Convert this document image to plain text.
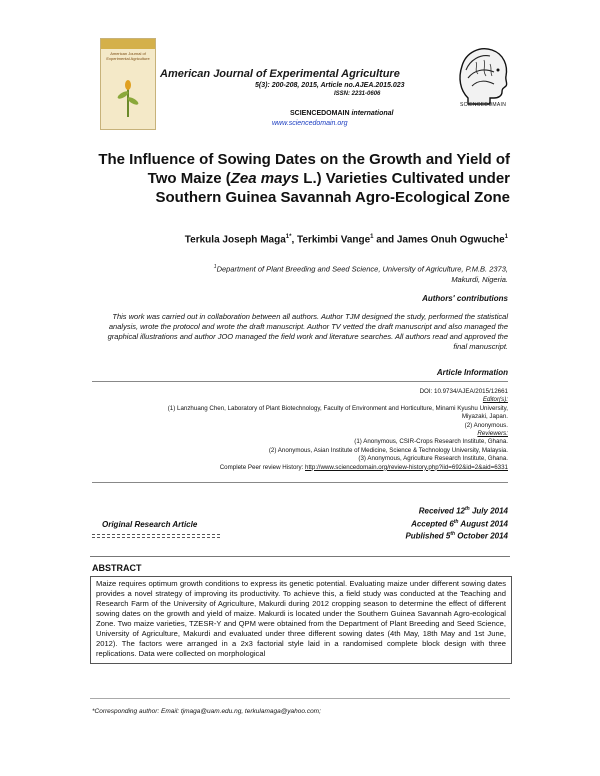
American Journal of Experimental Agriculture
American Journal of Experimental Agriculture
5(3): 200-208, 2015, Article no.AJEA.2015.023
ISSN: 2231-0606
SCIENCEDOMAIN international
www.sciencedomain.org
SCIENCEDOMAIN
The Influence of Sowing Dates on the Growth and Yield of Two Maize (Zea mays L.) Varieties Cultivated under Southern Guinea Savannah Agro-Ecological Zone
Terkula Joseph Maga$^{1*}$, Terkimbi Vange$^1$ and James Onuh Ogwuche$^1$
$^1$Department of Plant Breeding and Seed Science, University of Agriculture, P.M.B. 2373, Makurdi, Nigeria.
Authors' contributions
This work was carried out in collaboration between all authors. Author TJM designed the study, performed the statistical analysis, wrote the protocol and wrote the draft manuscript. Author TV vetted the draft manuscript and also managed the graphical illustrations and author JOO managed the field work and literature searches. All authors read and approved the final manuscript.
Article Information
DOI: 10.9734/AJEA/2015/12661
Editor(s):
(1) Lanzhuang Chen, Laboratory of Plant Biotechnology, Faculty of Environment and Horticulture, Minami Kyushu University,
Miyazaki, Japan.
(2) Anonymous.
Reviewers:
(1) Anonymous, CSIR-Crops Research Institute, Ghana.
(2) Anonymous, Asian Institute of Medicine, Science & Technology University, Malaysia.
(3) Anonymous, Agriculture Research Institute, Ghana.
Complete Peer review History: http://www.sciencedomain.org/review-history.php?iid=692&id=2&aid=6331
Received 12th July 2014
Accepted 6th August 2014
Published 5th October 2014
Original Research Article
ABSTRACT
Maize requires optimum growth conditions to express its genetic potential. Evaluating maize under different sowing dates provides a novel strategy of improving its productivity. To achieve this, a field study was conducted at the Teaching and Research Farm of the University of Agriculture, Makurdi during 2012 cropping season to determine the effect of different sowing dates on the growth and yield of maize. Makurdi is located under the Southern Guinea Savannah Agro-ecological Zone. Two maize varieties, TZESR-Y and QPM were obtained from the Department of Plant Breeding and Seed Science, University of Agriculture, Makurdi and evaluated under three different sowing dates (4th May, 18th May and 1st June, 2012). The factors were arranged in a 2x3 factorial style laid in a randomised complete block design with three replications. Data were collected on morphological
*Corresponding author: Email: tjmaga@uam.edu.ng, terkulamaga@yahoo.com;
